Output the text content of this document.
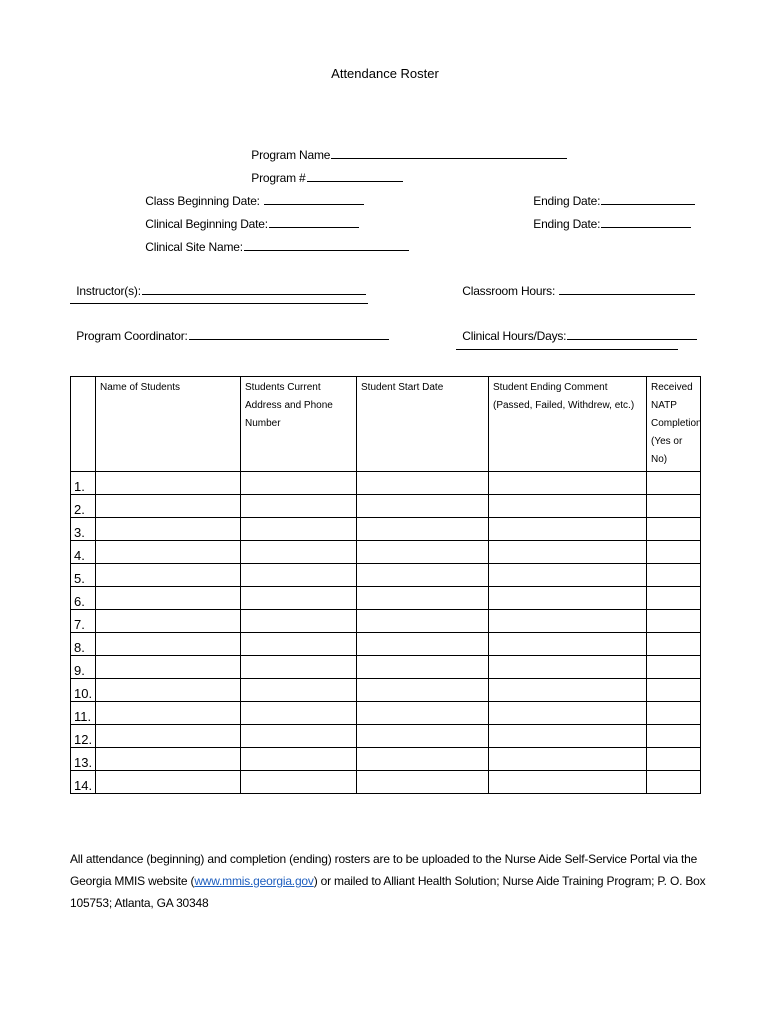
Attendance Roster

Program Name

Program #

Class Beginning Date:

Clinical Beginning Date:

Clinical Site Name:

Ending Date:

Ending Date:

Instructor(s):

Program Coordinator:

Classroom Hours:

Clinical Hours/Days:

	Name of Students	Students Current Address and Phone Number	Student Start Date	Student Ending Comment (Passed, Failed, Withdrew, etc.)	Received NATP Completion (Yes or No)
1.					
2.					
3.					
4.					
5.					
6.					
7.					
8.					
9.					
10.					
11.					
12.					
13.					
14.					
All attendance (beginning) and completion (ending) rosters are to be uploaded to the Nurse Aide Self-Service Portal via the Georgia MMIS website (www.mmis.georgia.gov) or mailed to Alliant Health Solution; Nurse Aide Training Program; P. O. Box 105753; Atlanta, GA 30348
